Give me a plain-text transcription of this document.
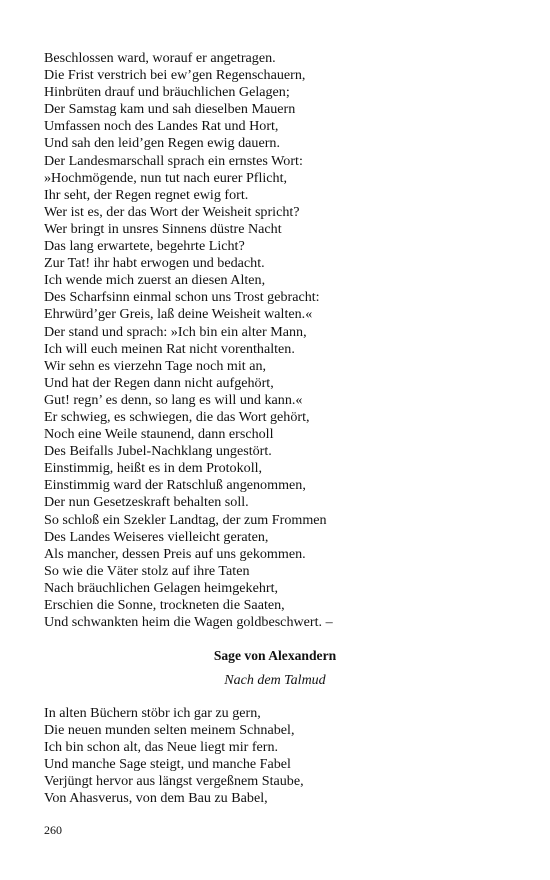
Beschlossen ward, worauf er angetragen.
Die Frist verstrich bei ew’gen Regenschauern,
Hinbrüten drauf und bräuchlichen Gelagen;
Der Samstag kam und sah dieselben Mauern
Umfassen noch des Landes Rat und Hort,
Und sah den leid’gen Regen ewig dauern.
Der Landesmarschall sprach ein ernstes Wort:
»Hochmögende, nun tut nach eurer Pflicht,
Ihr seht, der Regen regnet ewig fort.
Wer ist es, der das Wort der Weisheit spricht?
Wer bringt in unsres Sinnens düstre Nacht
Das lang erwartete, begehrte Licht?
Zur Tat! ihr habt erwogen und bedacht.
Ich wende mich zuerst an diesen Alten,
Des Scharfsinn einmal schon uns Trost gebracht:
Ehrwürd’ger Greis, laß deine Weisheit walten.«
Der stand und sprach: »Ich bin ein alter Mann,
Ich will euch meinen Rat nicht vorenthalten.
Wir sehn es vierzehn Tage noch mit an,
Und hat der Regen dann nicht aufgehört,
Gut! regn’ es denn, so lang es will und kann.«
Er schwieg, es schwiegen, die das Wort gehört,
Noch eine Weile staunend, dann erscholl
Des Beifalls Jubel-Nachklang ungestört.
Einstimmig, heißt es in dem Protokoll,
Einstimmig ward der Ratschluß angenommen,
Der nun Gesetzeskraft behalten soll.
So schloß ein Szekler Landtag, der zum Frommen
Des Landes Weiseres vielleicht geraten,
Als mancher, dessen Preis auf uns gekommen.
So wie die Väter stolz auf ihre Taten
Nach bräuchlichen Gelagen heimgekehrt,
Erschien die Sonne, trockneten die Saaten,
Und schwankten heim die Wagen goldbeschwert. –
Sage von Alexandern
Nach dem Talmud
In alten Büchern stöbr ich gar zu gern,
Die neuen munden selten meinem Schnabel,
Ich bin schon alt, das Neue liegt mir fern.
Und manche Sage steigt, und manche Fabel
Verjüngt hervor aus längst vergeßnem Staube,
Von Ahasverus, von dem Bau zu Babel,
260
